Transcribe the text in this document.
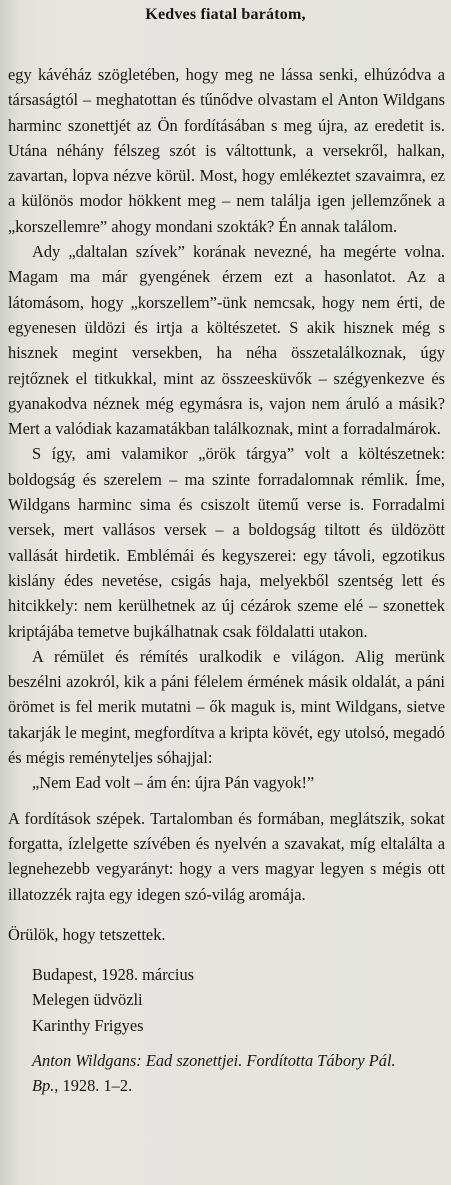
Kedves fiatal barátom,

egy kávéház szögletében, hogy meg ne lássa senki, elhúzódva a társaságtól – meghatottan és tűnődve olvastam el Anton Wildgans harminc szonettjét az Ön fordításában s meg újra, az eredetit is. Utána néhány félszeg szót is váltottunk, a versekről, halkan, zavartan, lopva nézve körül. Most, hogy emlékeztet szavaimra, ez a különös modor hökkent meg – nem találja igen jellemzőnek a „korszellemre” ahogy mondani szokták? Én annak találom.

Ady „daltalan szívek” korának nevezné, ha megérte volna. Magam ma már gyengének érzem ezt a hasonlatot. Az a látomásom, hogy „korszellem”-ünk nemcsak, hogy nem érti, de egyenesen üldözi és irtja a költészetet. S akik hisznek még s hisznek megint versekben, ha néha összetalálkoznak, úgy rejtőznek el titkukkal, mint az összeesküvők – szégyenkezve és gyanakodva néznek még egymásra is, vajon nem áruló a másik? Mert a valódiak kazamatákban találkoznak, mint a forradalmárok.

S így, ami valamikor „örök tárgya” volt a költészetnek: boldogság és szerelem – ma szinte forradalomnak rémlik. Íme, Wildgans harminc sima és csiszolt ütemű verse is. Forradalmi versek, mert vallásos versek – a boldogság tiltott és üldözött vallását hirdetik. Emblémái és kegyszerei: egy távoli, egzotikus kislány édes nevetése, csigás haja, melyekből szentség lett és hitcikkely: nem kerülhetnek az új cézárok szeme elé – szonettek kriptájába temetve bujkálhatnak csak földalatti utakon.

A rémület és rémítés uralkodik e világon. Alig merünk beszélni azokról, kik a páni félelem érmének másik oldalát, a páni örömet is fel merik mutatni – ők maguk is, mint Wildgans, sietve takarják le megint, megfordítva a kripta kövét, egy utolsó, megadó és mégis reményteljes sóhajjal:

„Nem Ead volt – ám én: újra Pán vagyok!”

A fordítások szépek. Tartalomban és formában, meglátszik, sokat forgatta, ízlelgette szívében és nyelvén a szavakat, míg eltalálta a legnehezebb vegyarányt: hogy a vers magyar legyen s mégis ott illatozzék rajta egy idegen szó-világ aromája.

Örülök, hogy tetszettek.

Budapest, 1928. március

Melegen üdvözli

Karinthy Frigyes

Anton Wildgans: Ead szonettjei. Fordította Tábory Pál.

Bp., 1928. 1–2.
